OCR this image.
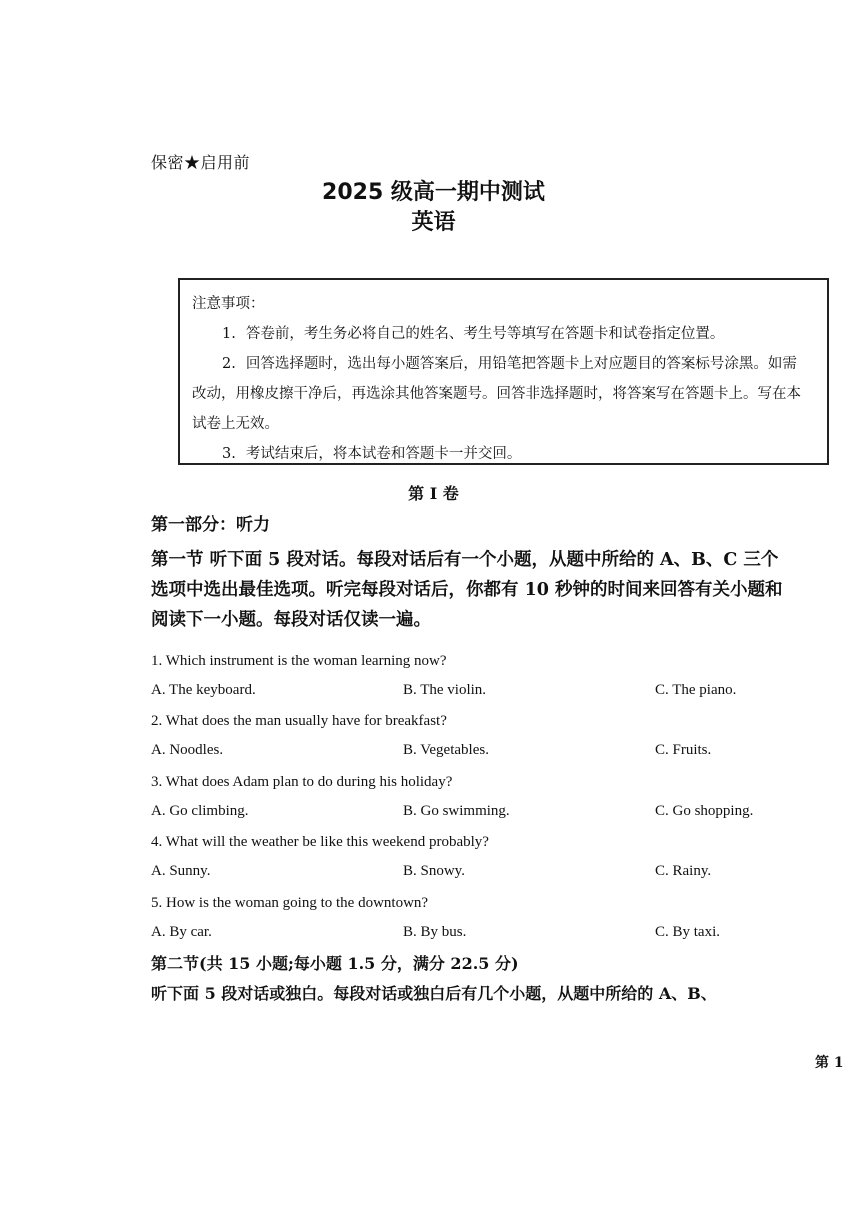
保密★启用前
2025 级高一期中测试
英语
注意事项：
1. 答卷前，考生务必将自己的姓名、考生号等填写在答题卡和试卷指定位置。
2. 回答选择题时，选出每小题答案后，用铅笔把答题卡上对应题目的答案标号涂黑。如需改动，用橡皮擦干净后，再选涂其他答案题号。回答非选择题时，将答案写在答题卡上。写在本试卷上无效。
3. 考试结束后，将本试卷和答题卡一并交回。
第 Ⅰ 卷
第一部分：听力
第一节 听下面 5 段对话。每段对话后有一个小题，从题中所给的 A、B、C 三个选项中选出最佳选项。听完每段对话后，你都有 10 秒钟的时间来回答有关小题和阅读下一小题。每段对话仅读一遍。
1. Which instrument is the woman learning now?
A. The keyboard.	B. The violin.	C. The piano.
2. What does the man usually have for breakfast?
A. Noodles.	B. Vegetables.	C. Fruits.
3. What does Adam plan to do during his holiday?
A. Go climbing.	B. Go swimming.	C. Go shopping.
4. What will the weather be like this weekend probably?
A. Sunny.	B. Snowy.	C. Rainy.
5. How is the woman going to the downtown?
A. By car.	B. By bus.	C. By taxi.
第二节(共 15 小题;每小题 1.5 分，满分 22.5 分)
听下面 5 段对话或独白。每段对话或独白后有几个小题，从题中所给的 A、B、
第 1
